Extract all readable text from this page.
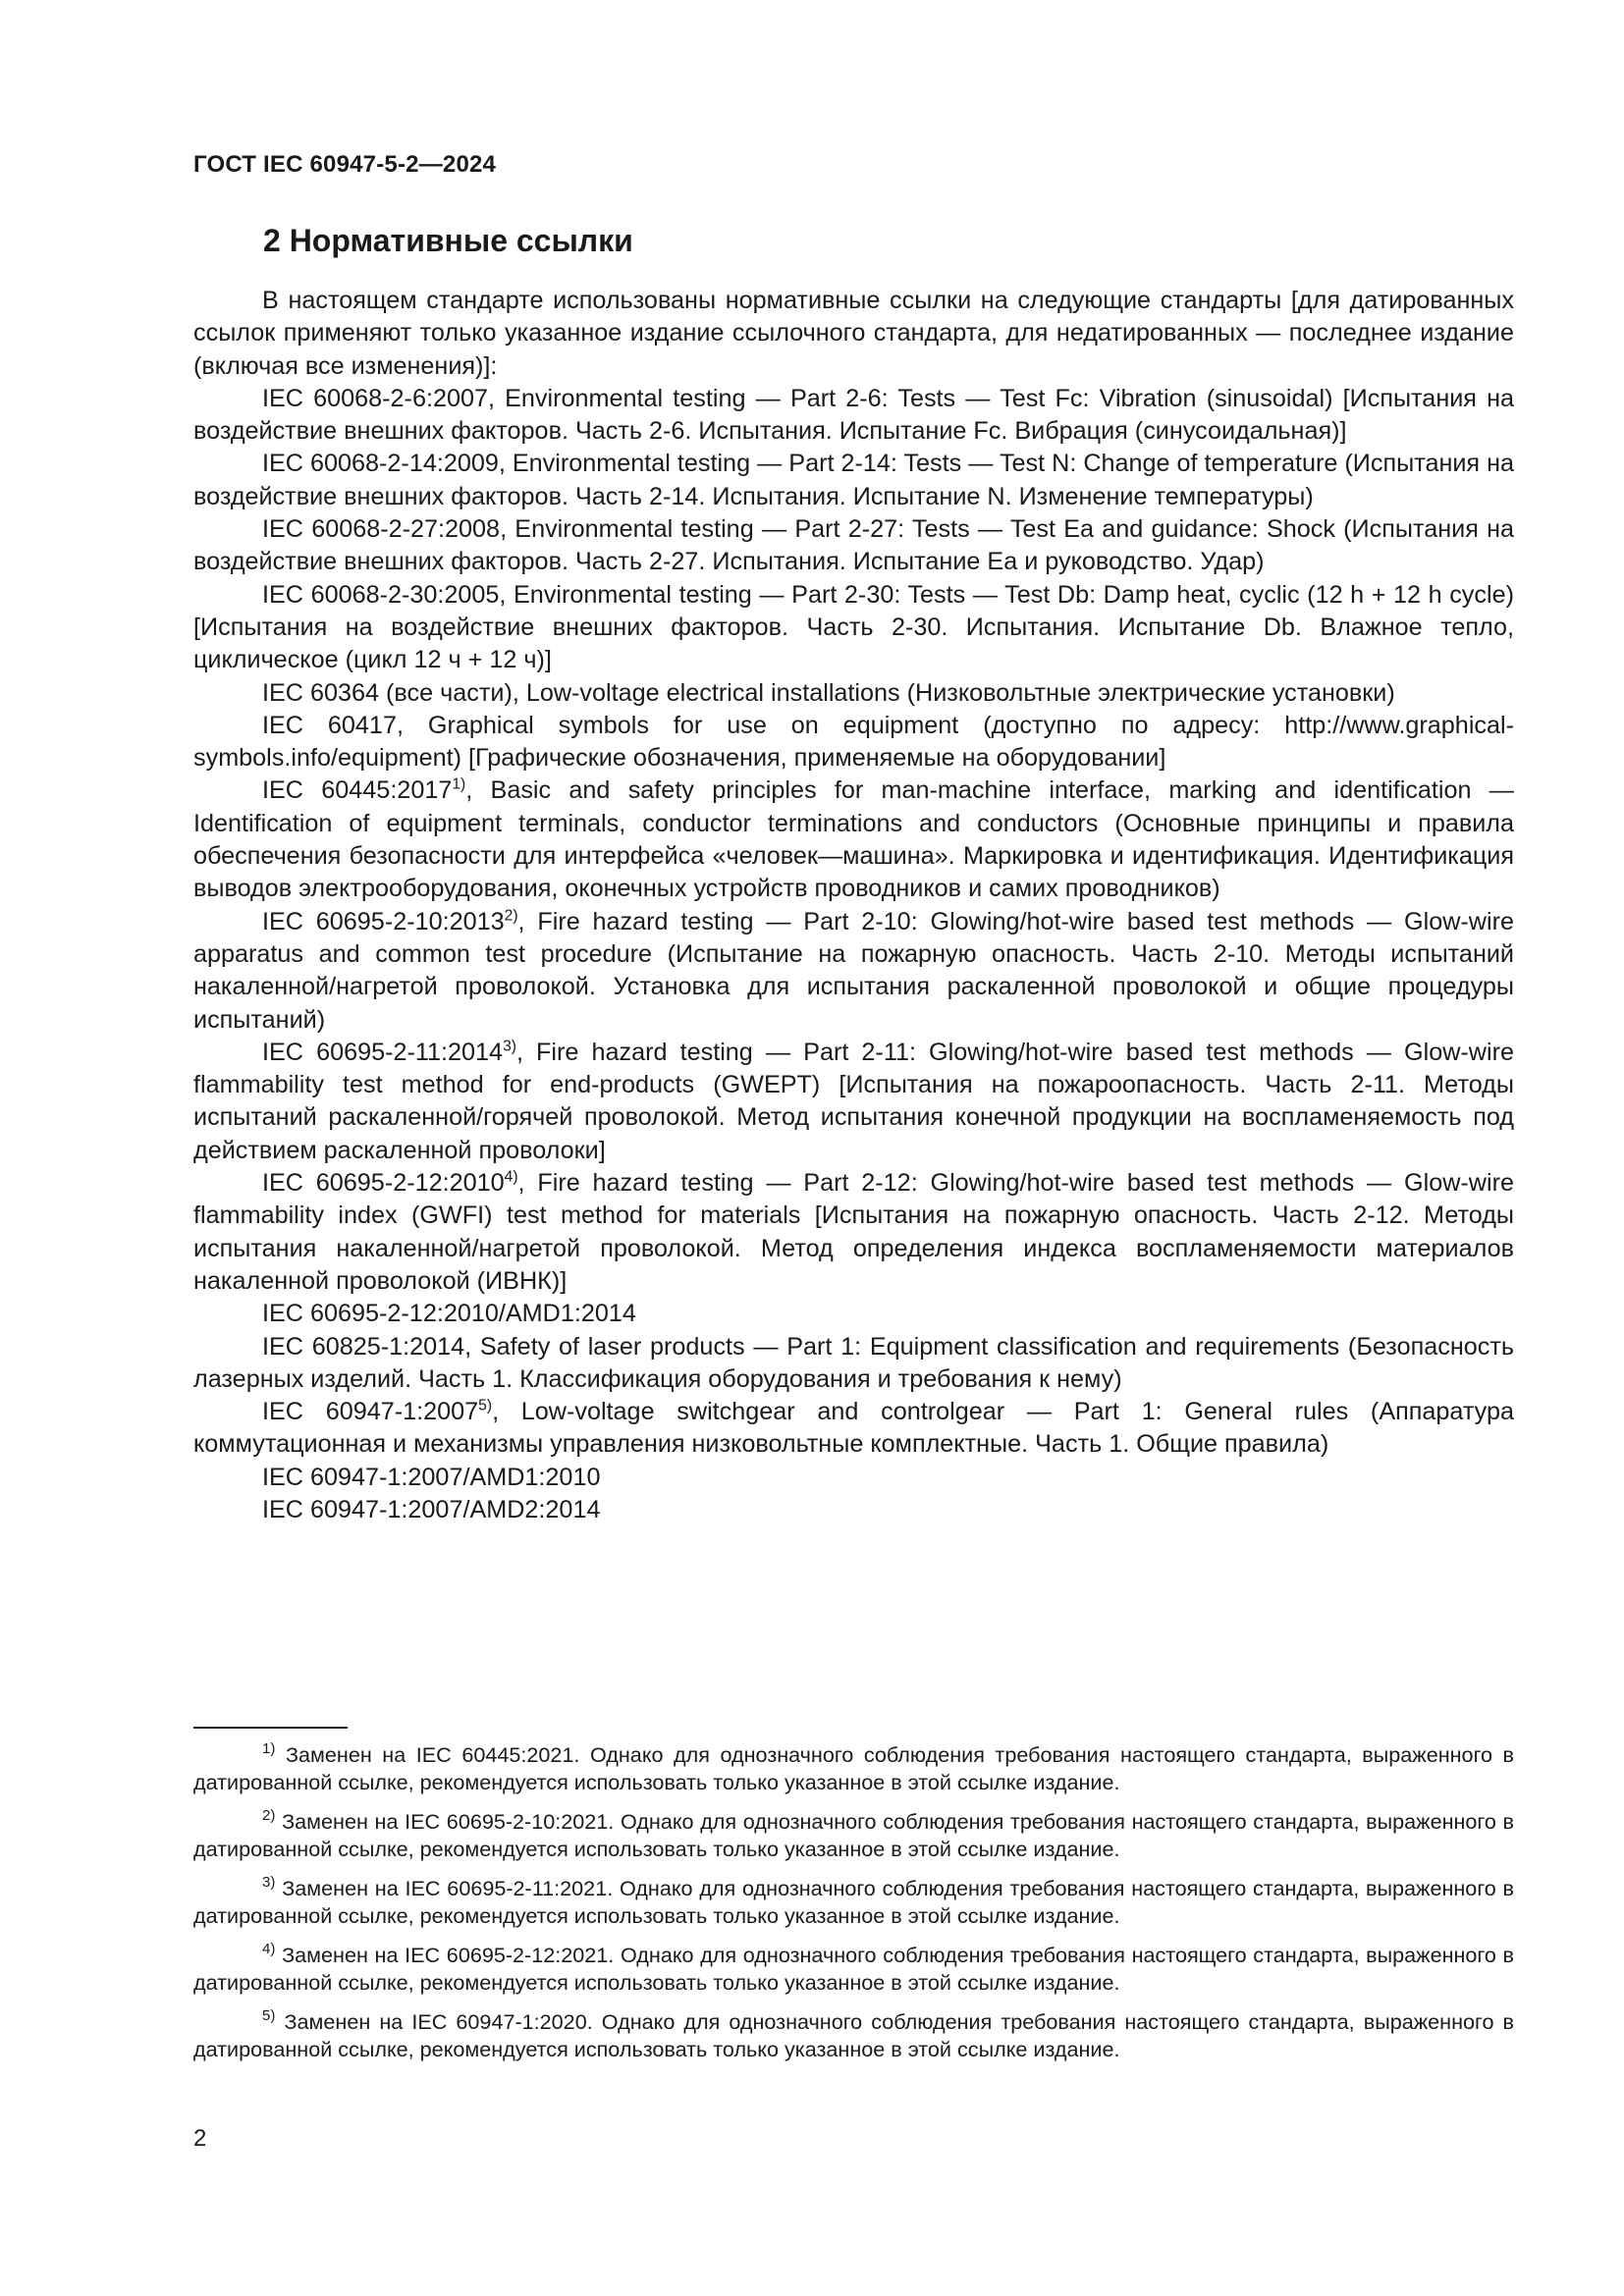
ГОСТ IEC 60947-5-2—2024
2 Нормативные ссылки

В настоящем стандарте использованы нормативные ссылки на следующие стандарты [для датированных ссылок применяют только указанное издание ссылочного стандарта, для недатированных — последнее издание (включая все изменения)]:

IEC 60068-2-6:2007, Environmental testing — Part 2-6: Tests — Test Fc: Vibration (sinusoidal) [Испытания на воздействие внешних факторов. Часть 2-6. Испытания. Испытание Fc. Вибрация (синусоидальная)]

IEC 60068-2-14:2009, Environmental testing — Part 2-14: Tests — Test N: Change of temperature (Испытания на воздействие внешних факторов. Часть 2-14. Испытания. Испытание N. Изменение температуры)

IEC 60068-2-27:2008, Environmental testing — Part 2-27: Tests — Test Ea and guidance: Shock (Испытания на воздействие внешних факторов. Часть 2-27. Испытания. Испытание Ea и руководство. Удар)

IEC 60068-2-30:2005, Environmental testing — Part 2-30: Tests — Test Db: Damp heat, cyclic (12 h + 12 h cycle) [Испытания на воздействие внешних факторов. Часть 2-30. Испытания. Испытание Db. Влажное тепло, циклическое (цикл 12 ч + 12 ч)]

IEC 60364 (все части), Low-voltage electrical installations (Низковольтные электрические установки)

IEC 60417, Graphical symbols for use on equipment (доступно по адресу: http://www.graphical-symbols.info/equipment) [Графические обозначения, применяемые на оборудовании]

IEC 60445:2017$^{1)}$, Basic and safety principles for man-machine interface, marking and identification — Identification of equipment terminals, conductor terminations and conductors (Основные принципы и правила обеспечения безопасности для интерфейса «человек—машина». Маркировка и идентификация. Идентификация выводов электрооборудования, оконечных устройств проводников и самих проводников)

IEC 60695-2-10:2013$^{2)}$, Fire hazard testing — Part 2-10: Glowing/hot-wire based test methods — Glow-wire apparatus and common test procedure (Испытание на пожарную опасность. Часть 2-10. Методы испытаний накаленной/нагретой проволокой. Установка для испытания раскаленной проволокой и общие процедуры испытаний)

IEC 60695-2-11:2014$^{3)}$, Fire hazard testing — Part 2-11: Glowing/hot-wire based test methods — Glow-wire flammability test method for end-products (GWEPT) [Испытания на пожароопасность. Часть 2-11. Методы испытаний раскаленной/горячей проволокой. Метод испытания конечной продукции на воспламеняемость под действием раскаленной проволоки]

IEC 60695-2-12:2010$^{4)}$, Fire hazard testing — Part 2-12: Glowing/hot-wire based test methods — Glow-wire flammability index (GWFI) test method for materials [Испытания на пожарную опасность. Часть 2-12. Методы испытания накаленной/нагретой проволокой. Метод определения индекса воспламеняемости материалов накаленной проволокой (ИВНК)]

IEC 60695-2-12:2010/AMD1:2014

IEC 60825-1:2014, Safety of laser products — Part 1: Equipment classification and requirements (Безопасность лазерных изделий. Часть 1. Классификация оборудования и требования к нему)

IEC 60947-1:2007$^{5)}$, Low-voltage switchgear and controlgear — Part 1: General rules (Аппаратура коммутационная и механизмы управления низковольтные комплектные. Часть 1. Общие правила)

IEC 60947-1:2007/AMD1:2010

IEC 60947-1:2007/AMD2:2014

$^{1)}$ Заменен на IEC 60445:2021. Однако для однозначного соблюдения требования настоящего стандарта, выраженного в датированной ссылке, рекомендуется использовать только указанное в этой ссылке издание.

$^{2)}$ Заменен на IEC 60695-2-10:2021. Однако для однозначного соблюдения требования настоящего стандарта, выраженного в датированной ссылке, рекомендуется использовать только указанное в этой ссылке издание.

$^{3)}$ Заменен на IEC 60695-2-11:2021. Однако для однозначного соблюдения требования настоящего стандарта, выраженного в датированной ссылке, рекомендуется использовать только указанное в этой ссылке издание.

$^{4)}$ Заменен на IEC 60695-2-12:2021. Однако для однозначного соблюдения требования настоящего стандарта, выраженного в датированной ссылке, рекомендуется использовать только указанное в этой ссылке издание.

$^{5)}$ Заменен на IEC 60947-1:2020. Однако для однозначного соблюдения требования настоящего стандарта, выраженного в датированной ссылке, рекомендуется использовать только указанное в этой ссылке издание.

2
